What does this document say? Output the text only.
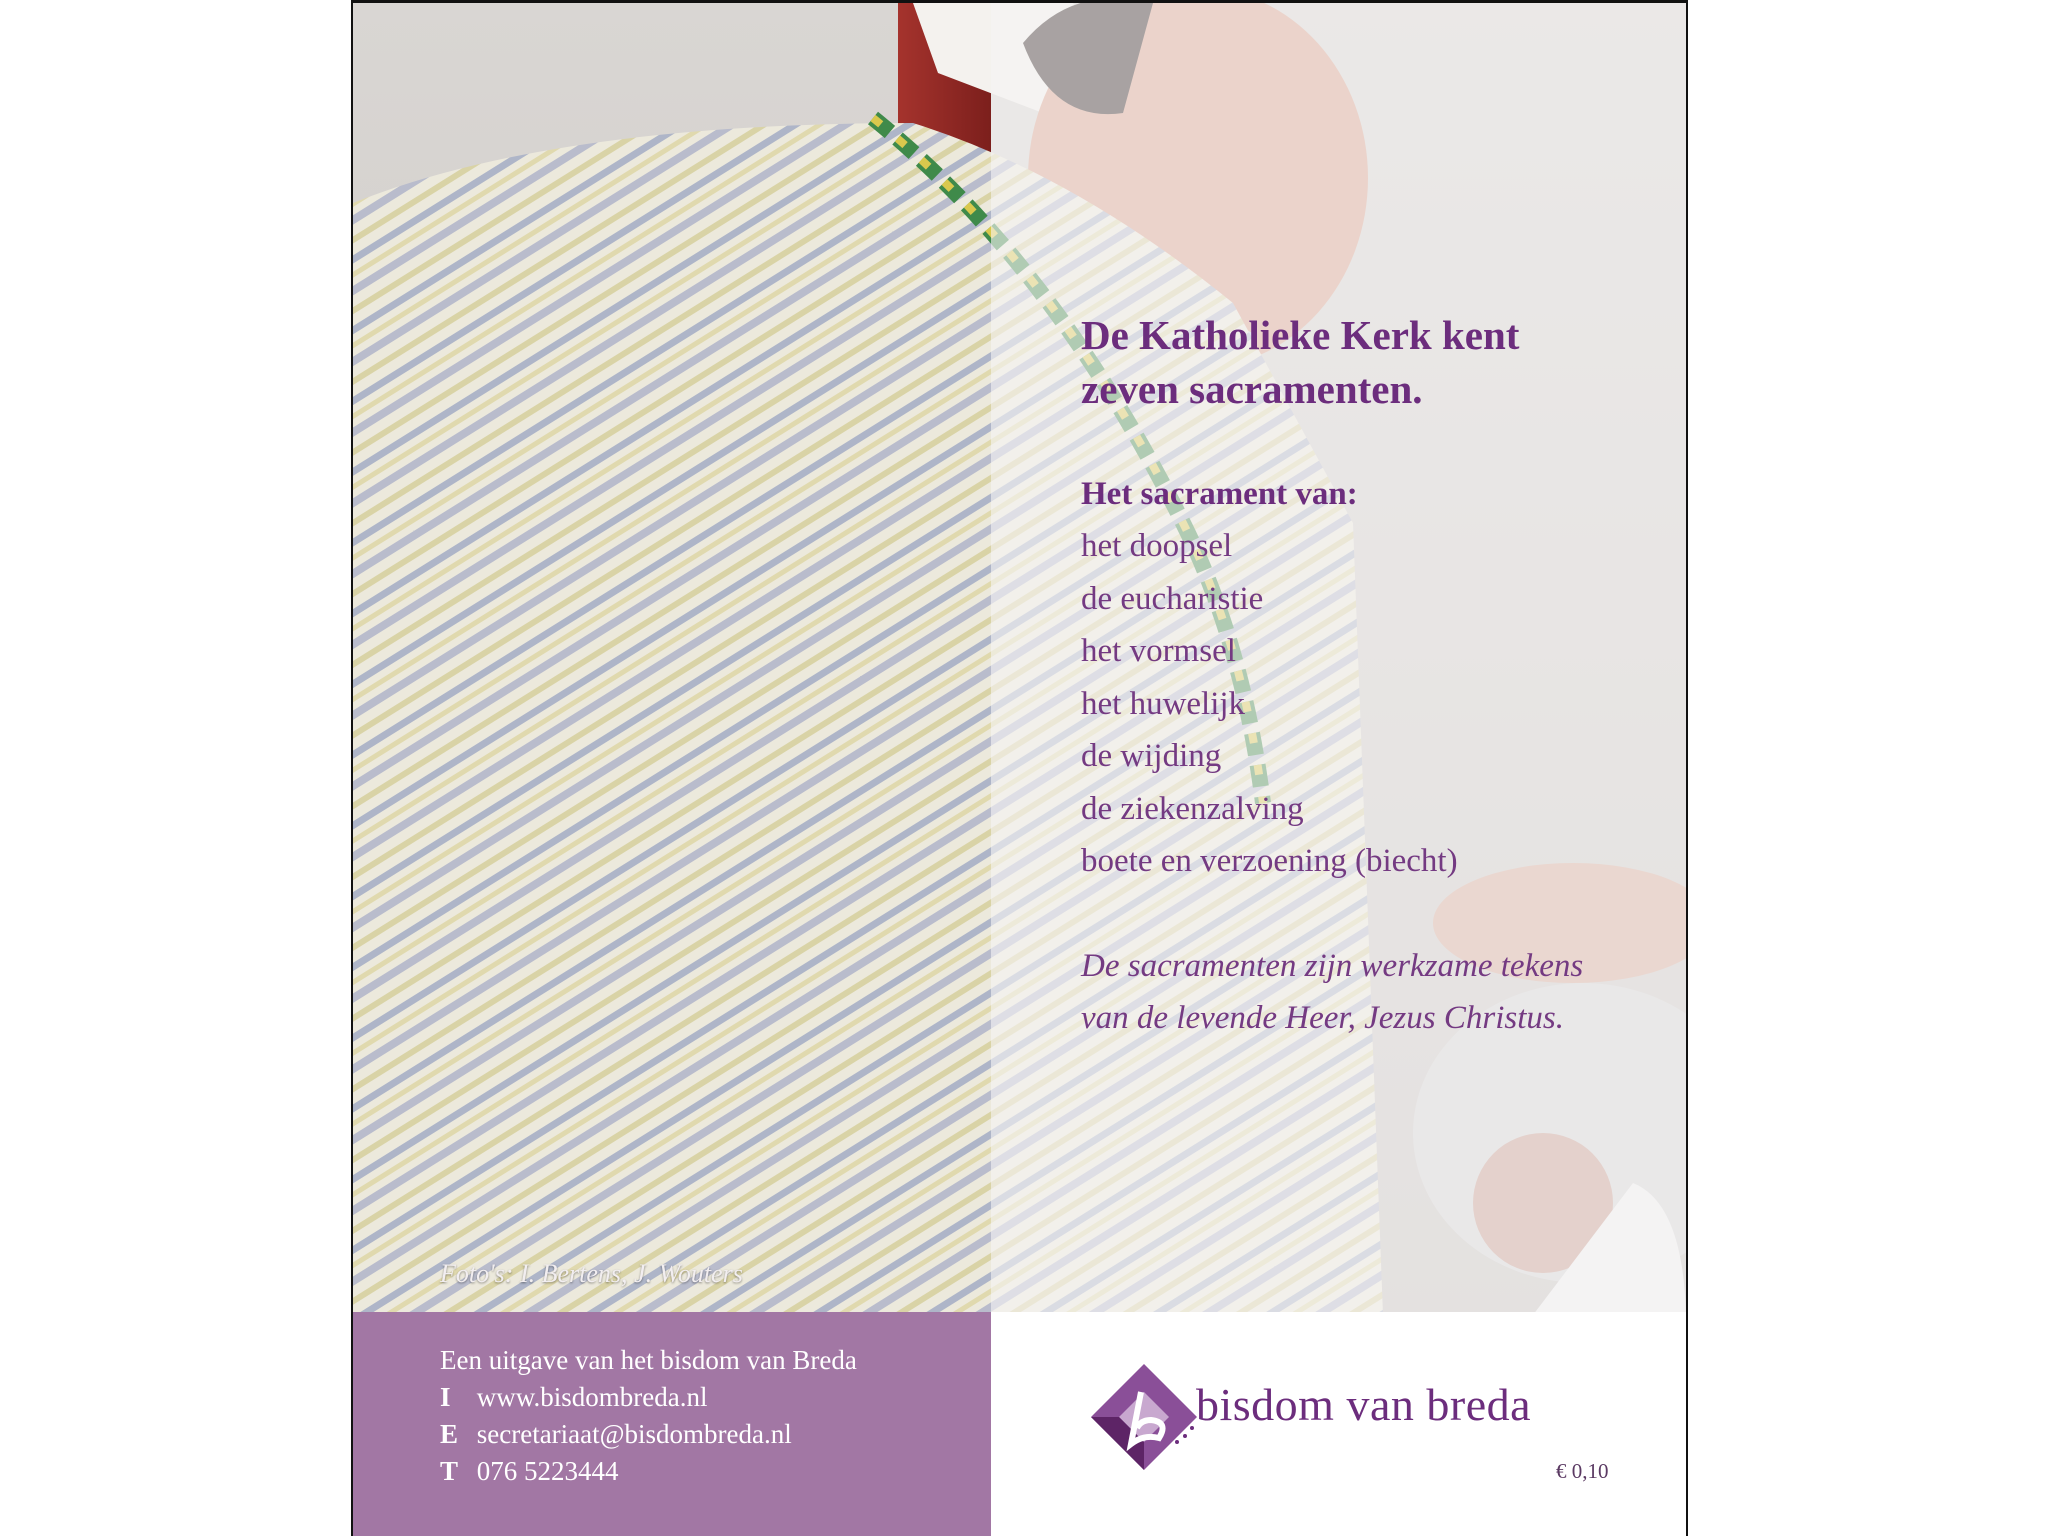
Foto's: I. Bertens, J. Wouters

De Katholieke Kerk kent
zeven sacramenten.

Het sacrament van:

het doopsel
de eucharistie
het vormsel
het huwelijk
de wijding
de ziekenzalving
boete en verzoening (biecht)

De sacramenten zijn werkzame tekens
van de levende Heer, Jezus Christus.

Een uitgave van het bisdom van Breda
I www.bisdombreda.nl
E secretariaat@bisdombreda.nl
T 076 5223444
bisdom van breda
€ 0,10
